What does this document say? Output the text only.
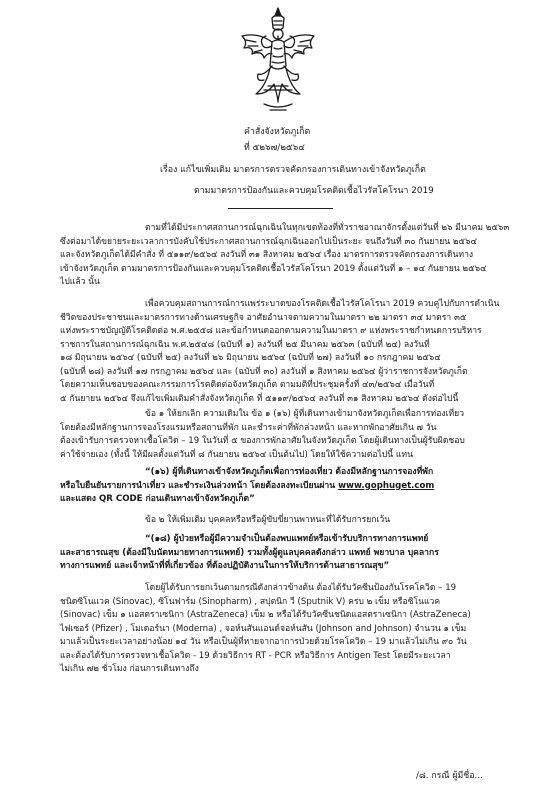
คำสั่งจังหวัดภูเก็ต
ที่ ๕๒๖๗/๒๕๖๔
เรื่อง แก้ไขเพิ่มเติม มาตรการตรวจคัดกรองการเดินทางเข้าจังหวัดภูเก็ต
ตามมาตรการป้องกันและควบคุมโรคติดเชื้อไวรัสโคโรนา 2019
ตามที่ได้มีประกาศสถานการณ์ฉุกเฉินในทุกเขตท้องที่ทั่วราชอาณาจักรตั้งแต่วันที่ ๒๖ มีนาคม ๒๕๖๓
ซึ่งต่อมาได้ขยายระยะเวลาการบังคับใช้ประกาศสถานการณ์ฉุกเฉินออกไปเป็นระยะ จนถึงวันที่ ๓๐ กันยายน ๒๕๖๔
และจังหวัดภูเก็ตได้มีคำสั่ง ที่ ๕๑๑๙/๒๕๖๔ ลงวันที่ ๓๑ สิงหาคม ๒๕๖๔ เรื่อง มาตรการตรวจคัดกรองการเดินทาง
เข้าจังหวัดภูเก็ต ตามมาตรการป้องกันและควบคุมโรคติดเชื้อไวรัสโคโรนา 2019 ตั้งแต่วันที่ ๑ – ๑๔ กันยายน ๒๕๖๔
ไปแล้ว นั้น
เพื่อควบคุมสถานการณ์การแพร่ระบาดของโรคติดเชื้อไวรัสโคโรนา 2019 ควบคู่ไปกับการดำเนิน
ชีวิตของประชาชนและมาตรการทางด้านเศรษฐกิจ อาศัยอำนาจตามความในมาตรา ๒๒ มาตรา ๓๔ มาตรา ๓๕
แห่งพระราชบัญญัติโรคติดต่อ พ.ศ.๒๕๕๘ และข้อกำหนดออกตามความในมาตรา ๙ แห่งพระราชกำหนดการบริหาร
ราชการในสถานการณ์ฉุกเฉิน พ.ศ.๒๕๔๘ (ฉบับที่ ๑) ลงวันที่ ๒๕ มีนาคม ๒๕๖๓ (ฉบับที่ ๒๔) ลงวันที่
๑๘ มิถุนายน ๒๕๖๔ (ฉบับที่ ๒๕) ลงวันที่ ๒๖ มิถุนายน ๒๕๖๔ (ฉบับที่ ๒๗) ลงวันที่ ๑๐ กรกฎาคม ๒๕๖๔
(ฉบับที่ ๒๘) ลงวันที่ ๑๗ กรกฎาคม ๒๕๖๔ และ (ฉบับที่ ๓๐) ลงวันที่ ๑ สิงหาคม ๒๕๖๔ ผู้ว่าราชการจังหวัดภูเก็ต
โดยความเห็นชอบของคณะกรรมการโรคติดต่อจังหวัดภูเก็ต ตามมติที่ประชุมครั้งที่ ๔๓/๒๕๖๔ เมื่อวันที่
๕ กันยายน ๒๕๖๔ จึงแก้ไขเพิ่มเติมคำสั่งจังหวัดภูเก็ต ที่ ๕๑๑๙/๒๕๖๔ ลงวันที่ ๓๑ สิงหาคม ๒๕๖๔ ดังต่อไปนี้
ข้อ ๑ ให้ยกเลิก ความเดิมใน ข้อ ๑ (๑๖) ผู้ที่เดินทางเข้ามาจังหวัดภูเก็ตเพื่อการท่องเที่ยว
โดยต้องมีหลักฐานการจองโรงแรมหรือสถานที่พัก และชำระค่าที่พักล่วงหน้า และหากพักอาศัยเกิน ๗ วัน
ต้องเข้ารับการตรวจหาเชื้อโควิด – 19 ในวันที่ ๕ ของการพักอาศัยในจังหวัดภูเก็ต โดยผู้เดินทางเป็นผู้รับผิดชอบ
ค่าใช้จ่ายเอง (ทั้งนี้ ให้มีผลตั้งแต่วันที่ ๘ กันยายน ๒๕๖๔ เป็นต้นไป) โดยให้ใช้ความต่อไปนี้ แทน
“(๑๖) ผู้ที่เดินทางเข้าจังหวัดภูเก็ตเพื่อการท่องเที่ยว ต้องมีหลักฐานการจองที่พัก
หรือใบยืนยันรายการนำเที่ยว และชำระเงินล่วงหน้า โดยต้องลงทะเบียนผ่าน www.gophuget.com
และแสดง QR CODE ก่อนเดินทางเข้าจังหวัดภูเก็ต”
ข้อ ๒ ให้เพิ่มเติม บุคคลหรือหรือผู้ขับขี่ยานพาหนะที่ได้รับการยกเว้น
“(๑๘) ผู้ป่วยหรือผู้มีความจำเป็นต้องพบแพทย์หรือเข้ารับบริการทางการแพทย์
และสาธารณสุข (ต้องมีใบนัดหมายทางการแพทย์) รวมทั้งผู้ดูแลบุคคลดังกล่าว แพทย์ พยาบาล บุคลากร
ทางการแพทย์ และเจ้าหน้าที่ที่เกี่ยวข้อง ที่ต้องปฏิบัติงานในการให้บริการด้านสาธารณสุข”
โดยผู้ได้รับการยกเว้นตามกรณีดังกล่าวข้างต้น ต้องได้รับวัคซีนป้องกันโรคโควิด – 19
ชนิดซิโนแวค (Sinovac), ซิโนฟาร์ม (Sinopharm) , สปุตนิก วี (Sputnik V) ครบ ๒ เข็ม หรือซิโนแวค
(Sinovac) เข็ม ๑ แอสตราเซนิกา (AstraZeneca) เข็ม ๒ หรือได้รับวัคซีนชนิดแอสตราเซนิกา (AstraZeneca)
ไฟเซอร์ (Pfizer) , โมเดอร์นา (Moderna) , จอห์นสันแอนด์จอห์นสัน (Johnson and Johnson) จำนวน ๑ เข็ม
มาแล้วเป็นระยะเวลาอย่างน้อย ๑๔ วัน หรือเป็นผู้ที่หายจากอาการป่วยด้วยโรคโควิด – 19 มาแล้วไม่เกิน ๙๐ วัน
และต้องได้รับการตรวจหาเชื้อโควิด - 19 ด้วยวิธีการ RT - PCR หรือวิธีการ Antigen Test โดยมีระยะเวลา
ไม่เกิน ๗๒ ชั่วโมง ก่อนการเดินทางถึง
/๘. กรณี ผู้มีชื่อ...
